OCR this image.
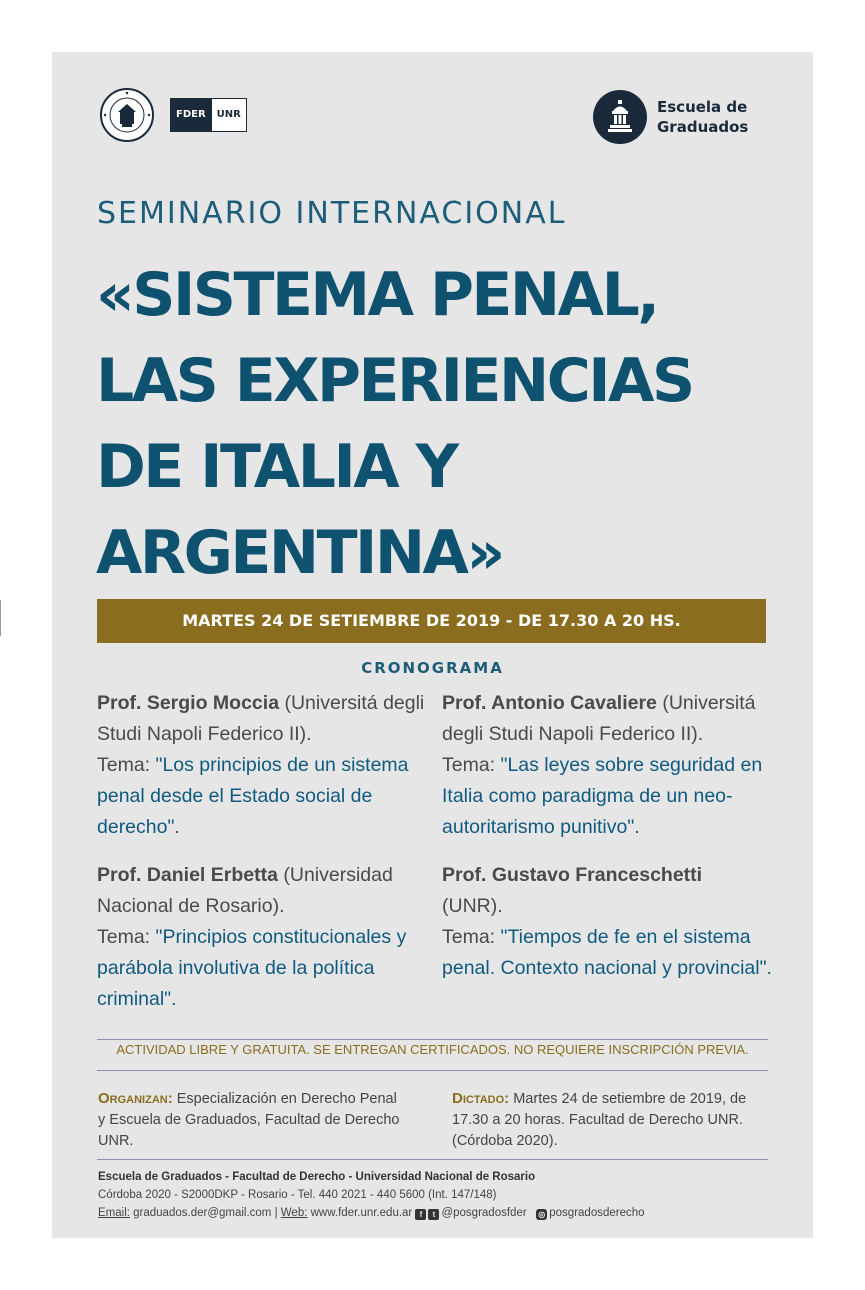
FDER	UNR	Escuela de
Graduados
SEMINARIO INTERNACIONAL
«SISTEMA PENAL,
LAS EXPERIENCIAS
DE ITALIA Y
ARGENTINA»
MARTES 24 DE SETIEMBRE DE 2019 - DE 17.30 A 20 HS.
CRONOGRAMA
Prof. Sergio Moccia (Universitá degli Studi Napoli Federico II).
Tema: "Los principios de un sistema penal desde el Estado social de derecho".
Prof. Antonio Cavaliere (Universitá degli Studi Napoli Federico II).
Tema: "Las leyes sobre seguridad en Italia como paradigma de un neo-autoritarismo punitivo".
Prof. Daniel Erbetta (Universidad Nacional de Rosario).
Tema: "Principios constitucionales y parábola involutiva de la política criminal".
Prof. Gustavo Franceschetti
(UNR).
Tema: "Tiempos de fe en el sistema penal. Contexto nacional y provincial".
ACTIVIDAD LIBRE Y GRATUITA. SE ENTREGAN CERTIFICADOS. NO REQUIERE INSCRIPCIÓN PREVIA.
Organizan: Especialización en Derecho Penal y Escuela de Graduados, Facultad de Derecho UNR.
Dictado: Martes 24 de setiembre de 2019, de 17.30 a 20 horas. Facultad de Derecho UNR. (Córdoba 2020).
Escuela de Graduados - Facultad de Derecho - Universidad Nacional de Rosario
Córdoba 2020 - S2000DKP - Rosario - Tel. 440 2021 - 440 5600 (Int. 147/148)
Email: graduados.der@gmail.com | Web: www.fder.unr.edu.ar f t @posgradosfder ◎ posgradosderecho
